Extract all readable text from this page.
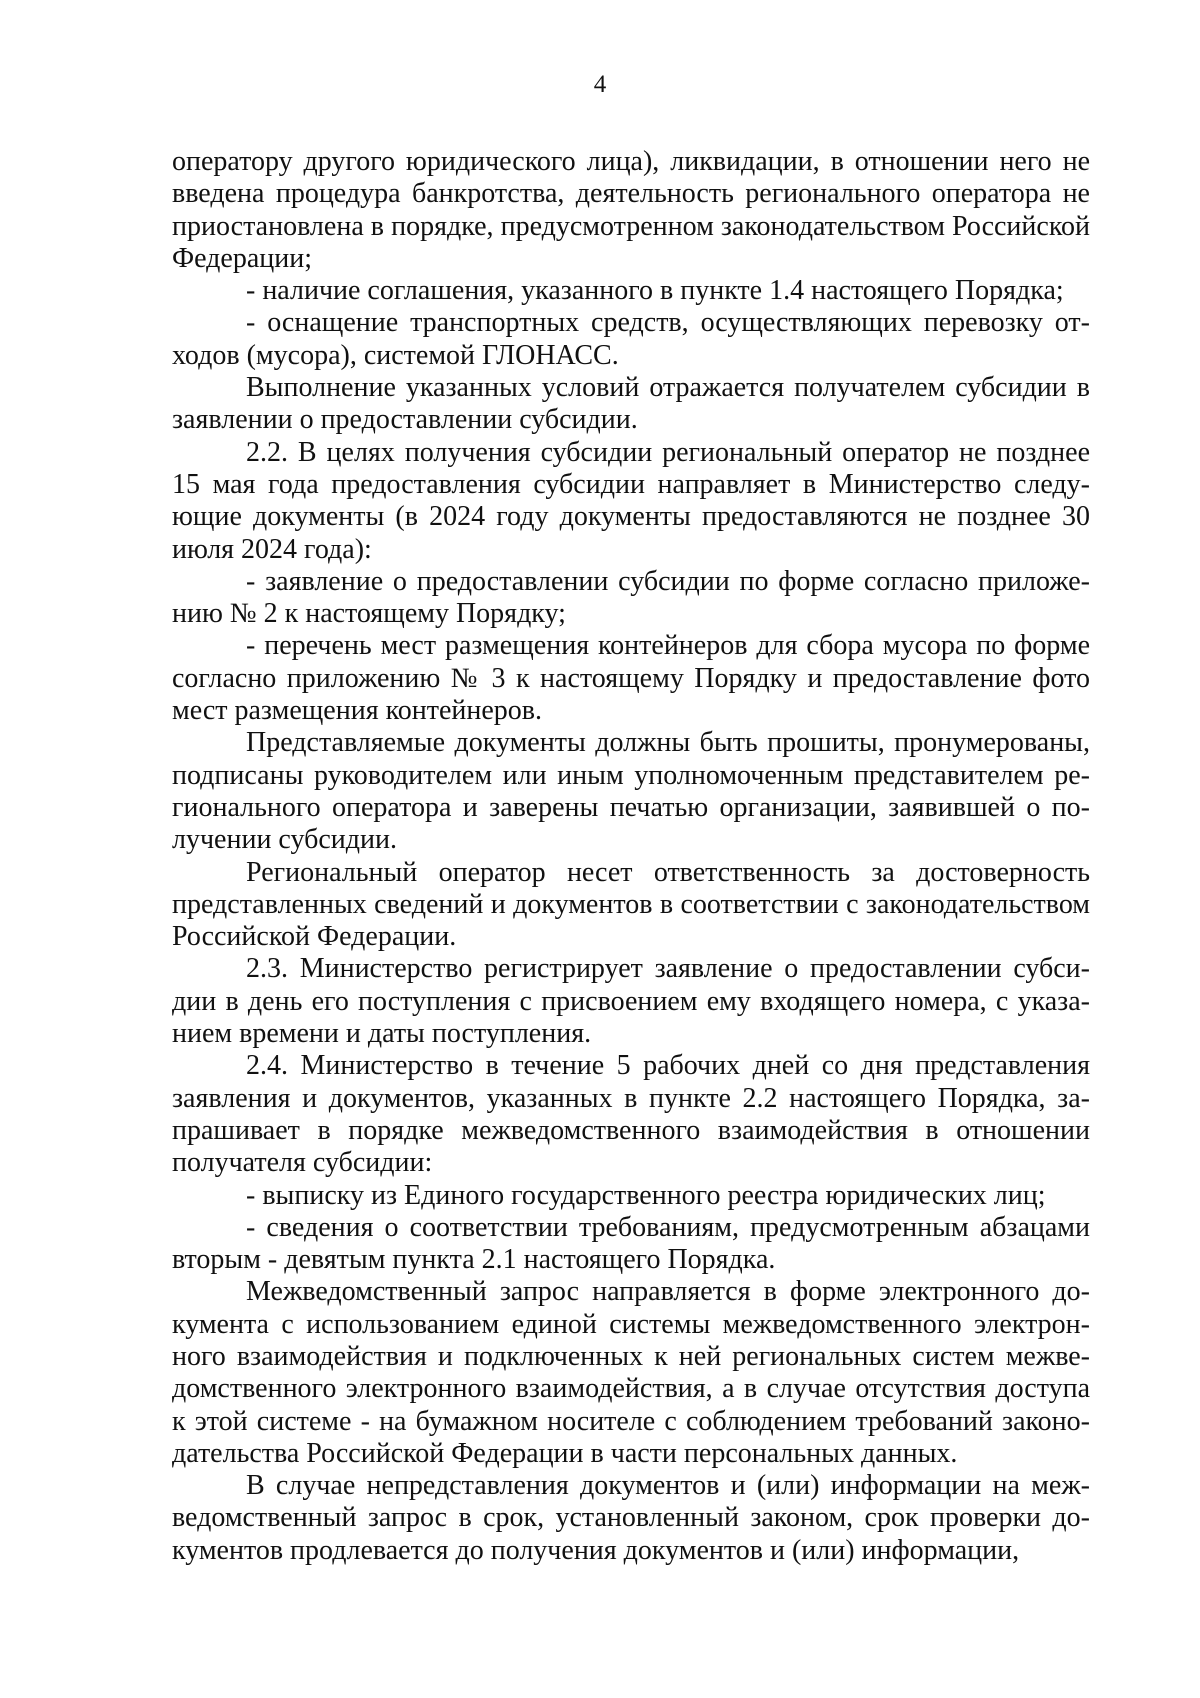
4

оператору другого юридического лица), ликвидации, в отношении него не введена процедура банкротства, деятельность регионального оператора не приостановлена в порядке, предусмотренном законодательством Российской Федерации;

- наличие соглашения, указанного в пункте 1.4 настоящего Порядка;

- оснащение транспортных средств, осуществляющих перевозку отходов (мусора), системой ГЛОНАСС.

Выполнение указанных условий отражается получателем субсидии в заявлении о предоставлении субсидии.

2.2. В целях получения субсидии региональный оператор не позднее 15 мая года предоставления субсидии направляет в Министерство следующие документы (в 2024 году документы предоставляются не позднее 30 июля 2024 года):

- заявление о предоставлении субсидии по форме согласно приложению № 2 к настоящему Порядку;

- перечень мест размещения контейнеров для сбора мусора по форме согласно приложению № 3 к настоящему Порядку и предоставление фото мест размещения контейнеров.

Представляемые документы должны быть прошиты, пронумерованы, подписаны руководителем или иным уполномоченным представителем регионального оператора и заверены печатью организации, заявившей о получении субсидии.

Региональный оператор несет ответственность за достоверность представленных сведений и документов в соответствии с законодательством Российской Федерации.

2.3. Министерство регистрирует заявление о предоставлении субсидии в день его поступления с присвоением ему входящего номера, с указанием времени и даты поступления.

2.4. Министерство в течение 5 рабочих дней со дня представления заявления и документов, указанных в пункте 2.2 настоящего Порядка, запрашивает в порядке межведомственного взаимодействия в отношении получателя субсидии:

- выписку из Единого государственного реестра юридических лиц;

- сведения о соответствии требованиям, предусмотренным абзацами вторым - девятым пункта 2.1 настоящего Порядка.

Межведомственный запрос направляется в форме электронного документа с использованием единой системы межведомственного электронного взаимодействия и подключенных к ней региональных систем межведомственного электронного взаимодействия, а в случае отсутствия доступа к этой системе - на бумажном носителе с соблюдением требований законодательства Российской Федерации в части персональных данных.

В случае непредставления документов и (или) информации на межведомственный запрос в срок, установленный законом, срок проверки документов продлевается до получения документов и (или) информации,
